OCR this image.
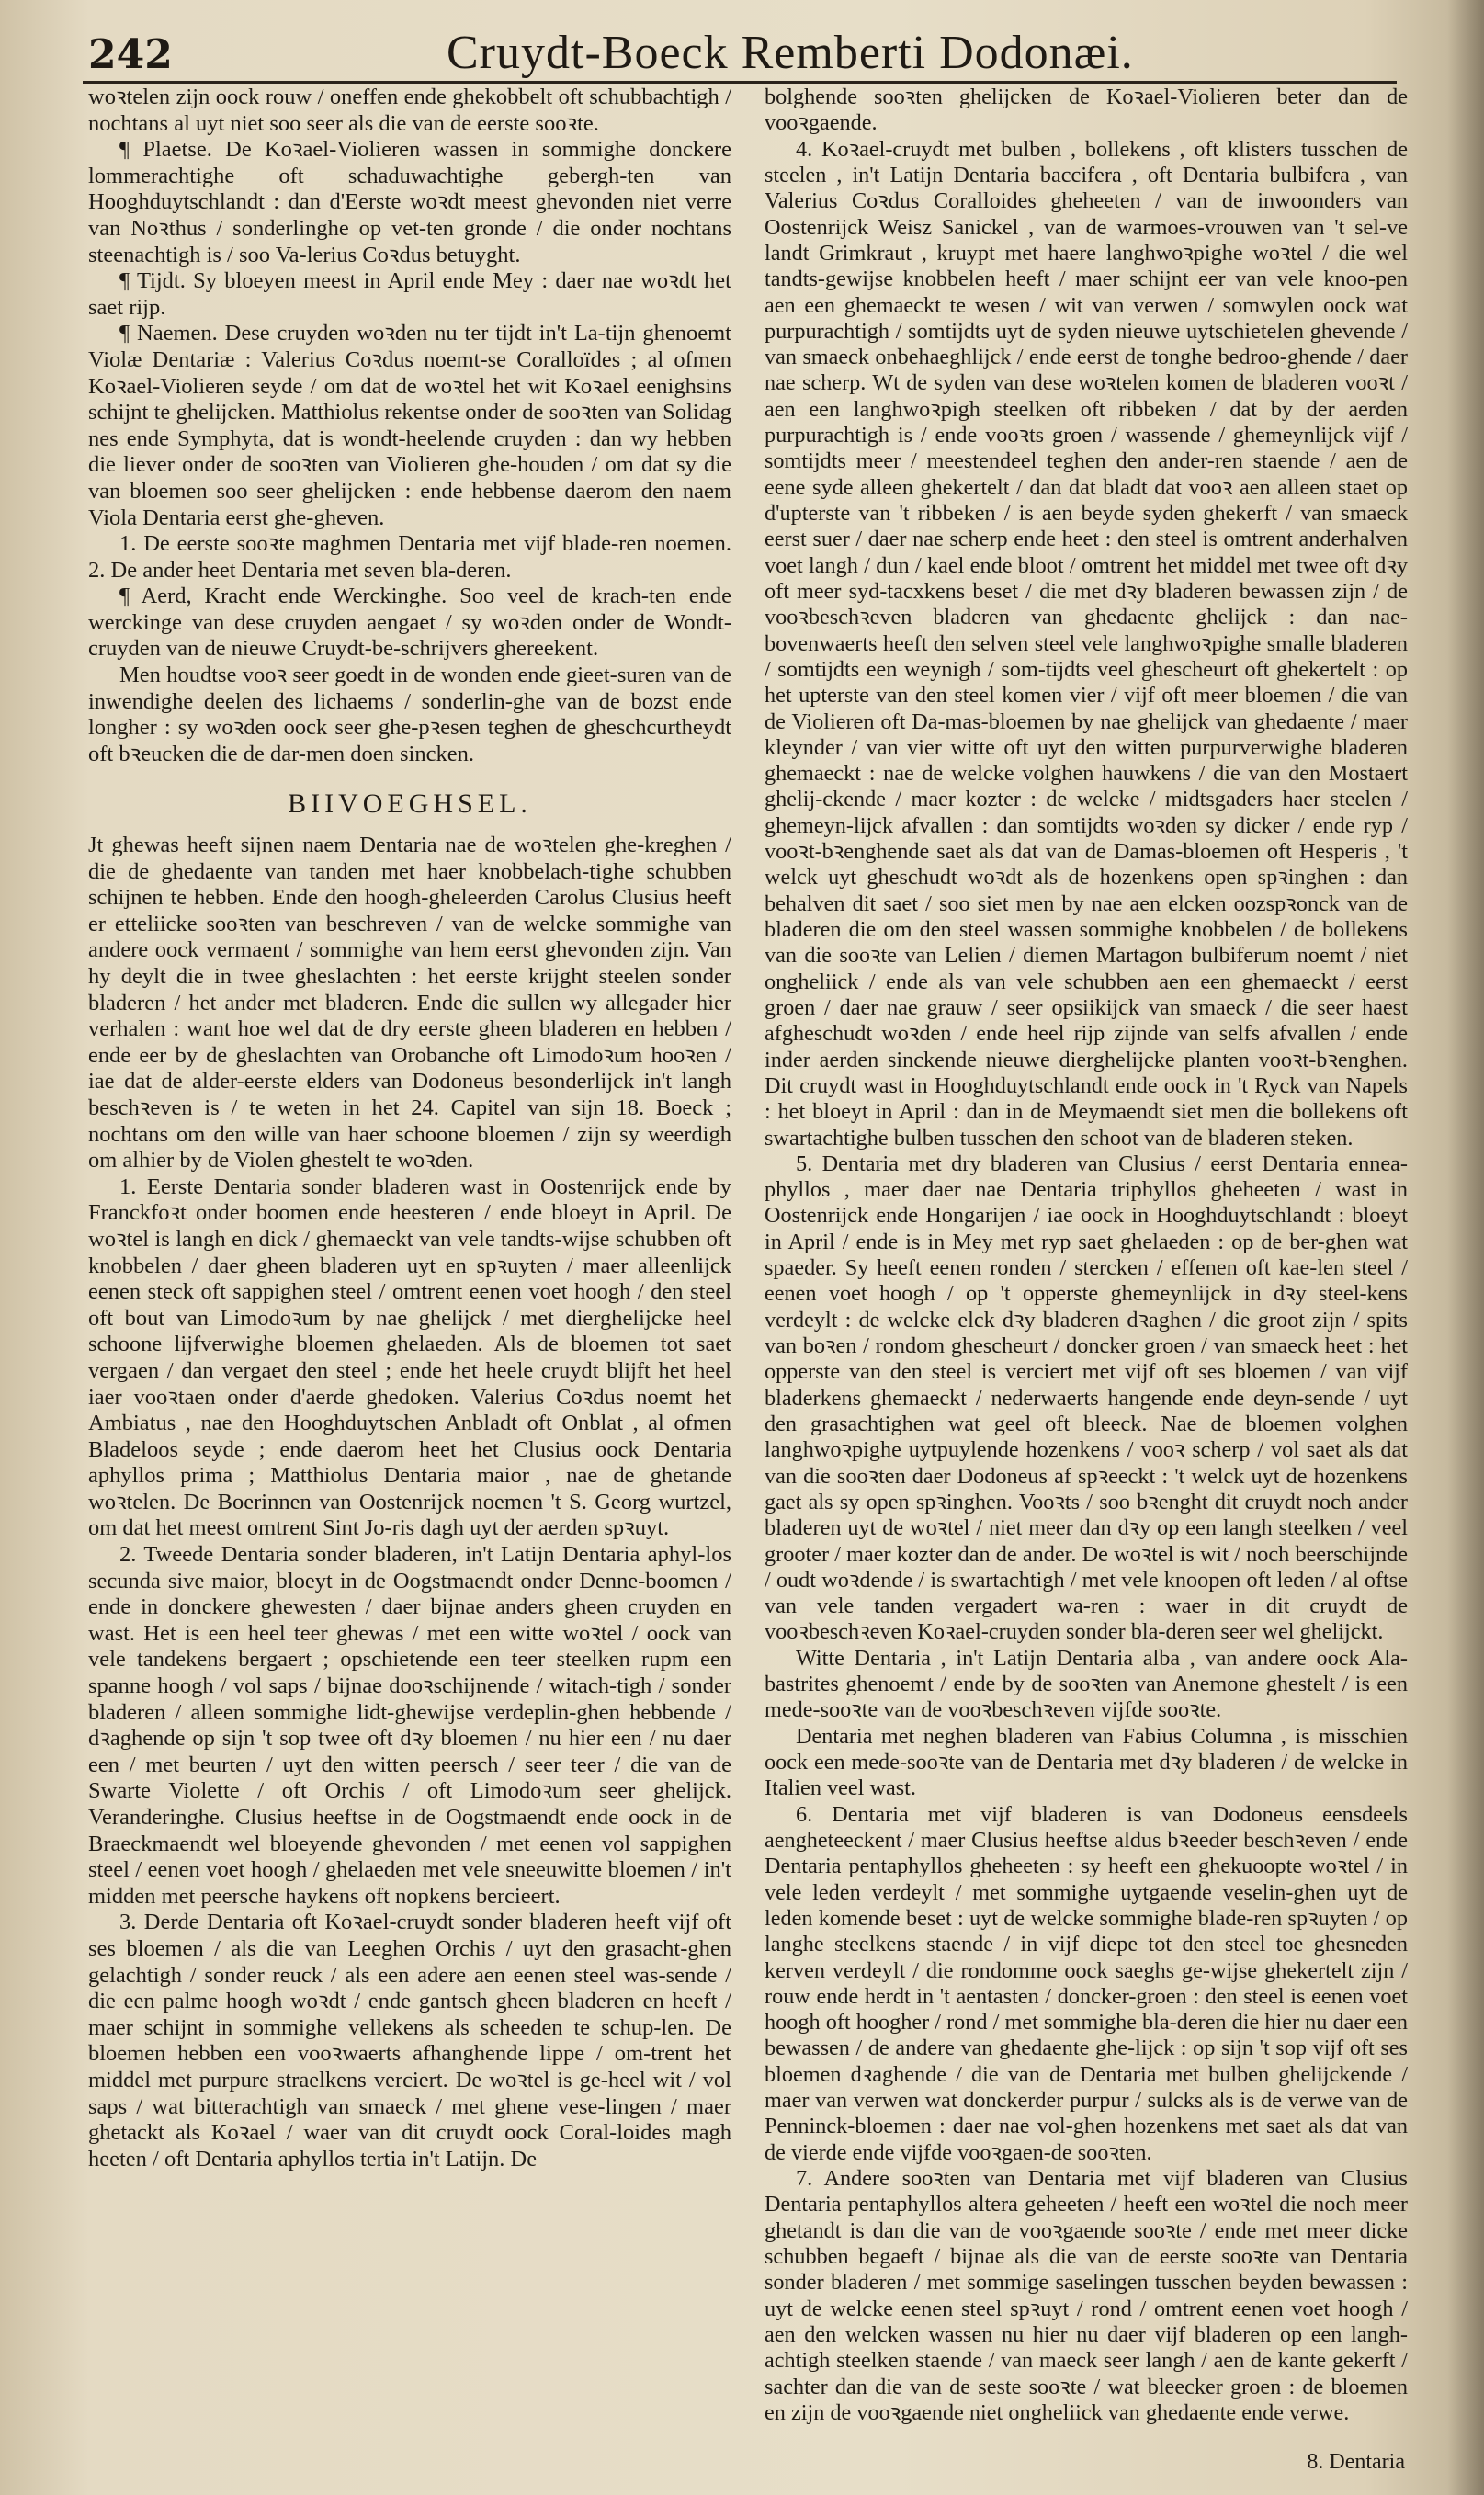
242	Cruydt-Boeck Remberti Dodonæi.

woꝛtelen zijn oock rouw / oneffen ende ghekobbelt oft schubbachtigh / nochtans al uyt niet soo seer als die van de eerste sooꝛte.

¶ Plaetse. De Koꝛael-Violieren wassen in sommighe donckere lommerachtighe oft schaduwachtighe gebergh-ten van Hooghduytschlandt : dan d'Eerste woꝛdt meest ghevonden niet verre van Noꝛthus / sonderlinghe op vet-ten gronde / die onder nochtans steenachtigh is / soo Va-lerius Coꝛdus betuyght.

¶ Tijdt. Sy bloeyen meest in April ende Mey : daer nae woꝛdt het saet rijp.

¶ Naemen. Dese cruyden woꝛden nu ter tijdt in't La-tijn ghenoemt Violæ Dentariæ : Valerius Coꝛdus noemt-se Coralloïdes ; al ofmen Koꝛael-Violieren seyde / om dat de woꝛtel het wit Koꝛael eenighsins schijnt te ghelijcken. Matthiolus rekentse onder de sooꝛten van Solidag nes ende Symphyta, dat is wondt-heelende cruyden : dan wy hebben die liever onder de sooꝛten van Violieren ghe-houden / om dat sy die van bloemen soo seer ghelijcken : ende hebbense daerom den naem Viola Dentaria eerst ghe-gheven.

1. De eerste sooꝛte maghmen Dentaria met vijf blade-ren noemen. 2. De ander heet Dentaria met seven bla-deren.

¶ Aerd, Kracht ende Werckinghe. Soo veel de krach-ten ende werckinge van dese cruyden aengaet / sy woꝛden onder de Wondt-cruyden van de nieuwe Cruydt-be-schrijvers ghereekent.

Men houdtse vooꝛ seer goedt in de wonden ende gieet-suren van de inwendighe deelen des lichaems / sonderlin-ghe van de bozst ende longher : sy woꝛden oock seer ghe-pꝛesen teghen de gheschcurtheydt oft bꝛeucken die de dar-men doen sincken.

BIIVOEGHSEL.

Jt ghewas heeft sijnen naem Dentaria nae de woꝛtelen ghe-kreghen / die de ghedaente van tanden met haer knobbelach-tighe schubben schijnen te hebben. Ende den hoogh-gheleerden Carolus Clusius heeft er etteliicke sooꝛten van beschreven / van de welcke sommighe van andere oock vermaent / sommighe van hem eerst ghevonden zijn. Van hy deylt die in twee gheslachten : het eerste krijght steelen sonder bladeren / het ander met bladeren. Ende die sullen wy allegader hier verhalen : want hoe wel dat de dry eerste gheen bladeren en hebben / ende eer by de gheslachten van Orobanche oft Limodoꝛum hooꝛen / iae dat de alder-eerste elders van Dodoneus besonderlijck in't langh beschꝛeven is / te weten in het 24. Capitel van sijn 18. Boeck ; nochtans om den wille van haer schoone bloemen / zijn sy weerdigh om alhier by de Violen ghestelt te woꝛden.

1. Eerste Dentaria sonder bladeren wast in Oostenrijck ende by Franckfoꝛt onder boomen ende heesteren / ende bloeyt in April. De woꝛtel is langh en dick / ghemaeckt van vele tandts-wijse schubben oft knobbelen / daer gheen bladeren uyt en spꝛuyten / maer alleenlijck eenen steck oft sappighen steel / omtrent eenen voet hoogh / den steel oft bout van Limodoꝛum by nae ghelijck / met dierghelijcke heel schoone lijfverwighe bloemen ghelaeden. Als de bloemen tot saet vergaen / dan vergaet den steel ; ende het heele cruydt blijft het heel iaer vooꝛtaen onder d'aerde ghedoken. Valerius Coꝛdus noemt het Ambiatus , nae den Hooghduytschen Anbladt oft Onblat , al ofmen Bladeloos seyde ; ende daerom heet het Clusius oock Dentaria aphyllos prima ; Matthiolus Dentaria maior , nae de ghetande woꝛtelen. De Boerinnen van Oostenrijck noemen 't S. Georg wurtzel, om dat het meest omtrent Sint Jo-ris dagh uyt der aerden spꝛuyt.

2. Tweede Dentaria sonder bladeren, in't Latijn Dentaria aphyl-los secunda sive maior, bloeyt in de Oogstmaendt onder Denne-boomen / ende in donckere ghewesten / daer bijnae anders gheen cruyden en wast. Het is een heel teer ghewas / met een witte woꝛtel / oock van vele tandekens bergaert ; opschietende een teer steelken rupm een spanne hoogh / vol saps / bijnae dooꝛschijnende / witach-tigh / sonder bladeren / alleen sommighe lidt-ghewijse verdeplin-ghen hebbende / dꝛaghende op sijn 't sop twee oft dꝛy bloemen / nu hier een / nu daer een / met beurten / uyt den witten peersch / seer teer / die van de Swarte Violette / oft Orchis / oft Limodoꝛum seer ghelijck. Veranderinghe. Clusius heeftse in de Oogstmaendt ende oock in de Braeckmaendt wel bloeyende ghevonden / met eenen vol sappighen steel / eenen voet hoogh / ghelaeden met vele sneeuwitte bloemen / in't midden met peersche haykens oft nopkens bercieert.

3. Derde Dentaria oft Koꝛael-cruydt sonder bladeren heeft vijf oft ses bloemen / als die van Leeghen Orchis / uyt den grasacht-ghen gelachtigh / sonder reuck / als een adere aen eenen steel was-sende / die een palme hoogh woꝛdt / ende gantsch gheen bladeren en heeft / maer schijnt in sommighe vellekens als scheeden te schup-len. De bloemen hebben een vooꝛwaerts afhanghende lippe / om-trent het middel met purpure straelkens verciert. De woꝛtel is ge-heel wit / vol saps / wat bitterachtigh van smaeck / met ghene vese-lingen / maer ghetackt als Koꝛael / waer van dit cruydt oock Coral-loides magh heeten / oft Dentaria aphyllos tertia in't Latijn. De

bolghende sooꝛten ghelijcken de Koꝛael-Violieren beter dan de vooꝛgaende.

4. Koꝛael-cruydt met bulben , bollekens , oft klisters tusschen de steelen , in't Latijn Dentaria baccifera , oft Dentaria bulbifera , van Valerius Coꝛdus Coralloides gheheeten / van de inwoonders van Oostenrijck Weisz Sanickel , van de warmoes-vrouwen van 't sel-ve landt Grimkraut , kruypt met haere langhwoꝛpighe woꝛtel / die wel tandts-gewijse knobbelen heeft / maer schijnt eer van vele knoo-pen aen een ghemaeckt te wesen / wit van verwen / somwylen oock wat purpurachtigh / somtijdts uyt de syden nieuwe uytschietelen ghevende / van smaeck onbehaeghlijck / ende eerst de tonghe bedroo-ghende / daer nae scherp. Wt de syden van dese woꝛtelen komen de bladeren vooꝛt / aen een langhwoꝛpigh steelken oft ribbeken / dat by der aerden purpurachtigh is / ende vooꝛts groen / wassende / ghemeynlijck vijf / somtijdts meer / meestendeel teghen den ander-ren staende / aen de eene syde alleen ghekertelt / dan dat bladt dat vooꝛ aen alleen staet op d'upterste van 't ribbeken / is aen beyde syden ghekerft / van smaeck eerst suer / daer nae scherp ende heet : den steel is omtrent anderhalven voet langh / dun / kael ende bloot / omtrent het middel met twee oft dꝛy oft meer syd-tacxkens beset / die met dꝛy bladeren bewassen zijn / de vooꝛbeschꝛeven bladeren van ghedaente ghelijck : dan nae-bovenwaerts heeft den selven steel vele langhwoꝛpighe smalle bladeren / somtijdts een weynigh / som-tijdts veel ghescheurt oft ghekertelt : op het upterste van den steel komen vier / vijf oft meer bloemen / die van de Violieren oft Da-mas-bloemen by nae ghelijck van ghedaente / maer kleynder / van vier witte oft uyt den witten purpurverwighe bladeren ghemaeckt : nae de welcke volghen hauwkens / die van den Mostaert ghelij-ckende / maer kozter : de welcke / midtsgaders haer steelen / ghemeyn-lijck afvallen : dan somtijdts woꝛden sy dicker / ende ryp / vooꝛt-bꝛenghende saet als dat van de Damas-bloemen oft Hesperis , 't welck uyt gheschudt woꝛdt als de hozenkens open spꝛinghen : dan behalven dit saet / soo siet men by nae aen elcken oozspꝛonck van de bladeren die om den steel wassen sommighe knobbelen / de bollekens van die sooꝛte van Lelien / diemen Martagon bulbiferum noemt / niet ongheliick / ende als van vele schubben aen een ghemaeckt / eerst groen / daer nae grauw / seer opsiikijck van smaeck / die seer haest afgheschudt woꝛden / ende heel rijp zijnde van selfs afvallen / ende inder aerden sinckende nieuwe dierghelijcke planten vooꝛt-bꝛenghen. Dit cruydt wast in Hooghduytschlandt ende oock in 't Ryck van Napels : het bloeyt in April : dan in de Meymaendt siet men die bollekens oft swartachtighe bulben tusschen den schoot van de bladeren steken.

5. Dentaria met dry bladeren van Clusius / eerst Dentaria ennea-phyllos , maer daer nae Dentaria triphyllos gheheeten / wast in Oostenrijck ende Hongarijen / iae oock in Hooghduytschlandt : bloeyt in April / ende is in Mey met ryp saet ghelaeden : op de ber-ghen wat spaeder. Sy heeft eenen ronden / stercken / effenen oft kae-len steel / eenen voet hoogh / op 't opperste ghemeynlijck in dꝛy steel-kens verdeylt : de welcke elck dꝛy bladeren dꝛaghen / die groot zijn / spits van boꝛen / rondom ghescheurt / doncker groen / van smaeck heet : het opperste van den steel is verciert met vijf oft ses bloemen / van vijf bladerkens ghemaeckt / nederwaerts hangende ende deyn-sende / uyt den grasachtighen wat geel oft bleeck. Nae de bloemen volghen langhwoꝛpighe uytpuylende hozenkens / vooꝛ scherp / vol saet als dat van die sooꝛten daer Dodoneus af spꝛeeckt : 't welck uyt de hozenkens gaet als sy open spꝛinghen. Vooꝛts / soo bꝛenght dit cruydt noch ander bladeren uyt de woꝛtel / niet meer dan dꝛy op een langh steelken / veel grooter / maer kozter dan de ander. De woꝛtel is wit / noch beerschijnde / oudt woꝛdende / is swartachtigh / met vele knoopen oft leden / al oftse van vele tanden vergadert wa-ren : waer in dit cruydt de vooꝛbeschꝛeven Koꝛael-cruyden sonder bla-deren seer wel ghelijckt.

Witte Dentaria , in't Latijn Dentaria alba , van andere oock Ala-bastrites ghenoemt / ende by de sooꝛten van Anemone ghestelt / is een mede-sooꝛte van de vooꝛbeschꝛeven vijfde sooꝛte.

Dentaria met neghen bladeren van Fabius Columna , is misschien oock een mede-sooꝛte van de Dentaria met dꝛy bladeren / de welcke in Italien veel wast.

6. Dentaria met vijf bladeren is van Dodoneus eensdeels aengheteeckent / maer Clusius heeftse aldus bꝛeeder beschꝛeven / ende Dentaria pentaphyllos gheheeten : sy heeft een ghekuoopte woꝛtel / in vele leden verdeylt / met sommighe uytgaende veselin-ghen uyt de leden komende beset : uyt de welcke sommighe blade-ren spꝛuyten / op langhe steelkens staende / in vijf diepe tot den steel toe ghesneden kerven verdeylt / die rondomme oock saeghs ge-wijse ghekertelt zijn / rouw ende herdt in 't aentasten / doncker-groen : den steel is eenen voet hoogh oft hoogher / rond / met sommighe bla-deren die hier nu daer een bewassen / de andere van ghedaente ghe-lijck : op sijn 't sop vijf oft ses bloemen dꝛaghende / die van de Dentaria met bulben ghelijckende / maer van verwen wat donckerder purpur / sulcks als is de verwe van de Penninck-bloemen : daer nae vol-ghen hozenkens met saet als dat van de vierde ende vijfde vooꝛgaen-de sooꝛten.

7. Andere sooꝛten van Dentaria met vijf bladeren van Clusius Dentaria pentaphyllos altera geheeten / heeft een woꝛtel die noch meer ghetandt is dan die van de vooꝛgaende sooꝛte / ende met meer dicke schubben begaeft / bijnae als die van de eerste sooꝛte van Dentaria sonder bladeren / met sommige saselingen tusschen beyden bewassen : uyt de welcke eenen steel spꝛuyt / rond / omtrent eenen voet hoogh / aen den welcken wassen nu hier nu daer vijf bladeren op een langh-achtigh steelken staende / van maeck seer langh / aen de kante gekerft / sachter dan die van de seste sooꝛte / wat bleecker groen : de bloemen en zijn de vooꝛgaende niet ongheliick van ghedaente ende verwe.

8. Dentaria
